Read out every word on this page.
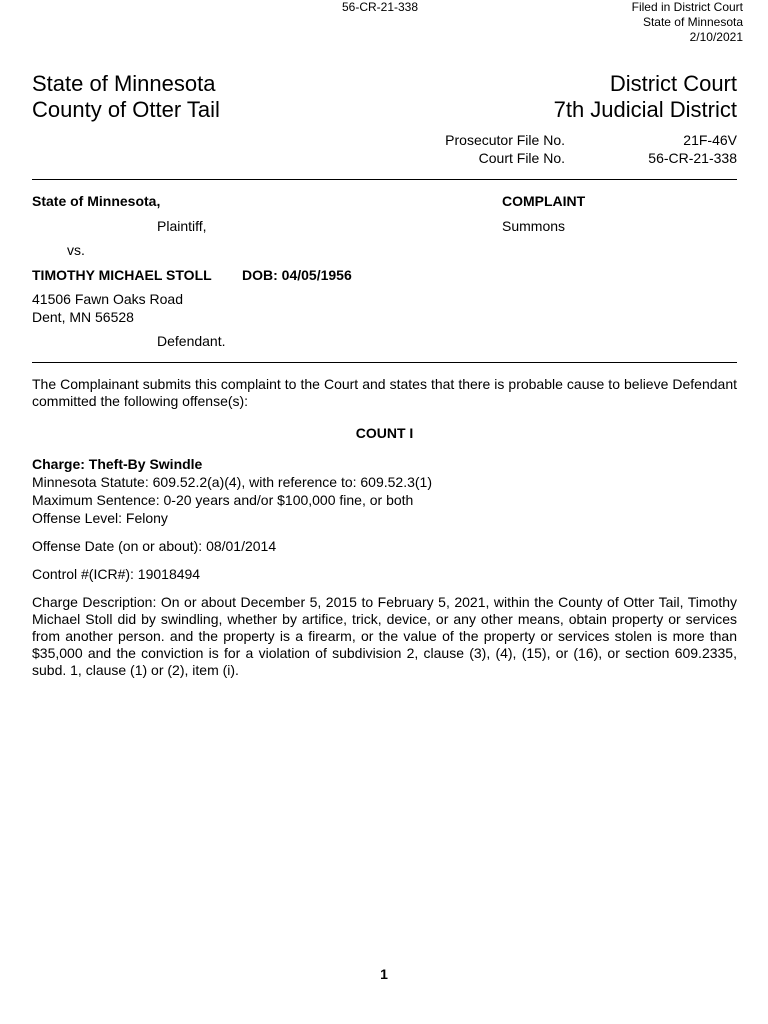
56-CR-21-338	Filed in District Court
State of Minnesota
2/10/2021
State of Minnesota
County of Otter Tail
District Court
7th Judicial District
Prosecutor File No.	21F-46V
Court File No.	56-CR-21-338
State of Minnesota,	COMPLAINT
Plaintiff,	Summons
vs.
TIMOTHY MICHAEL STOLL DOB: 04/05/1956
41506 Fawn Oaks Road
Dent, MN 56528
Defendant.
The Complainant submits this complaint to the Court and states that there is probable cause to believe Defendant committed the following offense(s):
COUNT I
Charge: Theft-By Swindle
Minnesota Statute: 609.52.2(a)(4), with reference to: 609.52.3(1)
Maximum Sentence: 0-20 years and/or $100,000 fine, or both
Offense Level: Felony
Offense Date (on or about): 08/01/2014
Control #(ICR#): 19018494
Charge Description: On or about December 5, 2015 to February 5, 2021, within the County of Otter Tail, Timothy Michael Stoll did by swindling, whether by artifice, trick, device, or any other means, obtain property or services from another person. and the property is a firearm, or the value of the property or services stolen is more than $35,000 and the conviction is for a violation of subdivision 2, clause (3), (4), (15), or (16), or section 609.2335, subd. 1, clause (1) or (2), item (i).
1
